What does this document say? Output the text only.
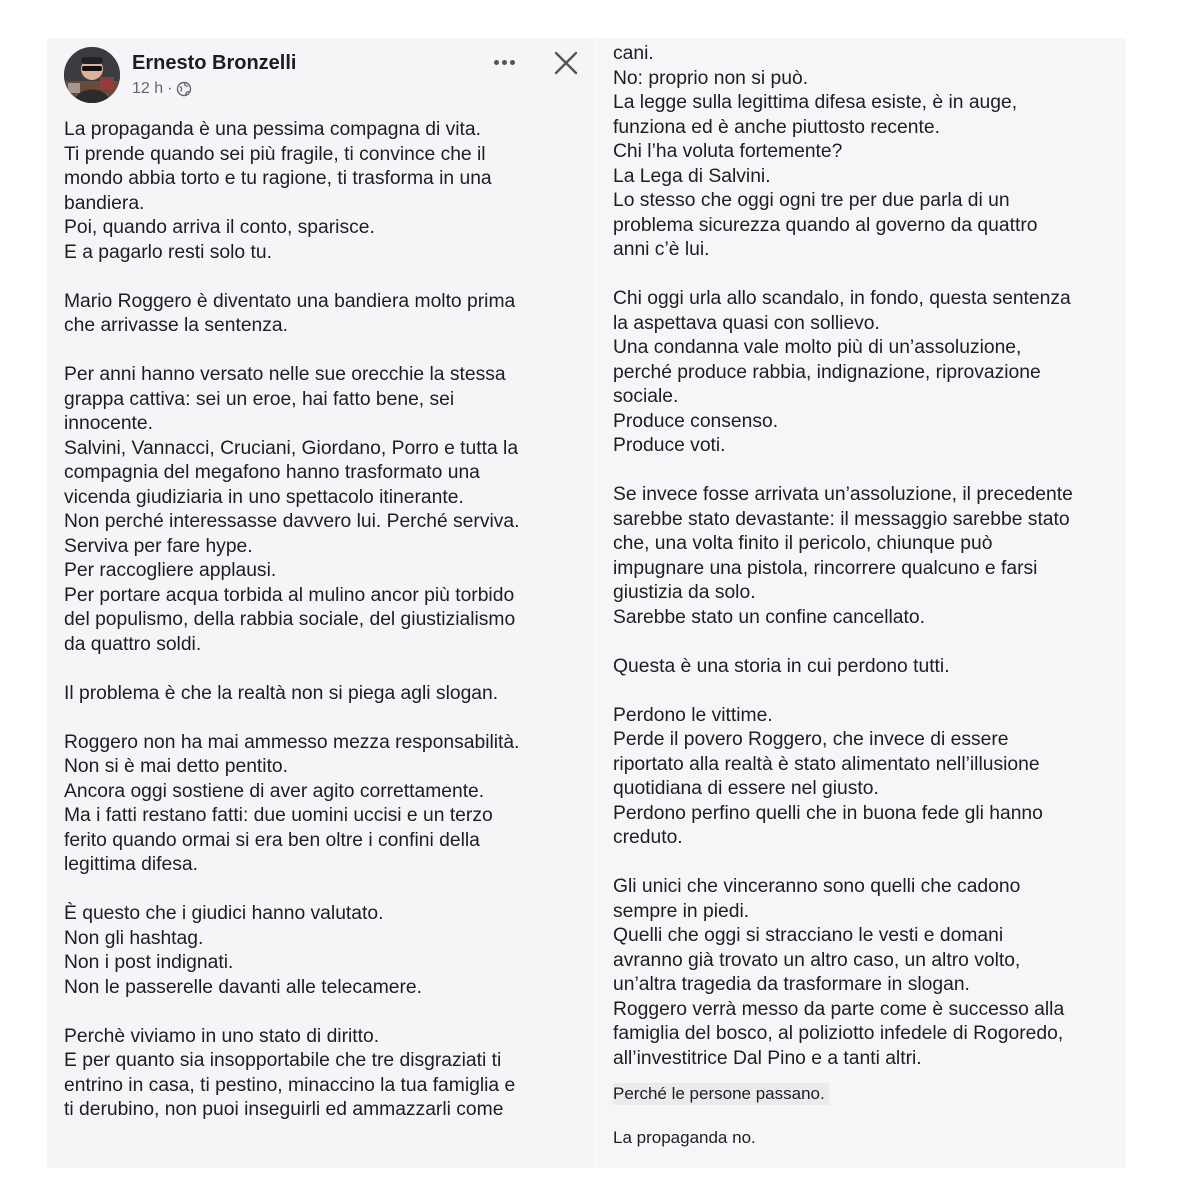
Ernesto Bronzelli
12 h ·
La propaganda è una pessima compagna di vita.
Ti prende quando sei più fragile, ti convince che il
mondo abbia torto e tu ragione, ti trasforma in una
bandiera.
Poi, quando arriva il conto, sparisce.
E a pagarlo resti solo tu.
Mario Roggero è diventato una bandiera molto prima
che arrivasse la sentenza.
Per anni hanno versato nelle sue orecchie la stessa
grappa cattiva: sei un eroe, hai fatto bene, sei
innocente.
Salvini, Vannacci, Cruciani, Giordano, Porro e tutta la
compagnia del megafono hanno trasformato una
vicenda giudiziaria in uno spettacolo itinerante.
Non perché interessasse davvero lui. Perché serviva.
Serviva per fare hype.
Per raccogliere applausi.
Per portare acqua torbida al mulino ancor più torbido
del populismo, della rabbia sociale, del giustizialismo
da quattro soldi.
Il problema è che la realtà non si piega agli slogan.
Roggero non ha mai ammesso mezza responsabilità.
Non si è mai detto pentito.
Ancora oggi sostiene di aver agito correttamente.
Ma i fatti restano fatti: due uomini uccisi e un terzo
ferito quando ormai si era ben oltre i confini della
legittima difesa.
È questo che i giudici hanno valutato.
Non gli hashtag.
Non i post indignati.
Non le passerelle davanti alle telecamere.
Perchè viviamo in uno stato di diritto.
E per quanto sia insopportabile che tre disgraziati ti
entrino in casa, ti pestino, minaccino la tua famiglia e
ti derubino, non puoi inseguirli ed ammazzarli come
cani.
No: proprio non si può.
La legge sulla legittima difesa esiste, è in auge,
funziona ed è anche piuttosto recente.
Chi l’ha voluta fortemente?
La Lega di Salvini.
Lo stesso che oggi ogni tre per due parla di un
problema sicurezza quando al governo da quattro
anni c’è lui.
Chi oggi urla allo scandalo, in fondo, questa sentenza
la aspettava quasi con sollievo.
Una condanna vale molto più di un’assoluzione,
perché produce rabbia, indignazione, riprovazione
sociale.
Produce consenso.
Produce voti.
Se invece fosse arrivata un’assoluzione, il precedente
sarebbe stato devastante: il messaggio sarebbe stato
che, una volta finito il pericolo, chiunque può
impugnare una pistola, rincorrere qualcuno e farsi
giustizia da solo.
Sarebbe stato un confine cancellato.
Questa è una storia in cui perdono tutti.
Perdono le vittime.
Perde il povero Roggero, che invece di essere
riportato alla realtà è stato alimentato nell’illusione
quotidiana di essere nel giusto.
Perdono perfino quelli che in buona fede gli hanno
creduto.
Gli unici che vinceranno sono quelli che cadono
sempre in piedi.
Quelli che oggi si stracciano le vesti e domani
avranno già trovato un altro caso, un altro volto,
un’altra tragedia da trasformare in slogan.
Roggero verrà messo da parte come è successo alla
famiglia del bosco, al poliziotto infedele di Rogoredo,
all’investitrice Dal Pino e a tanti altri.
Perché le persone passano.
La propaganda no.
